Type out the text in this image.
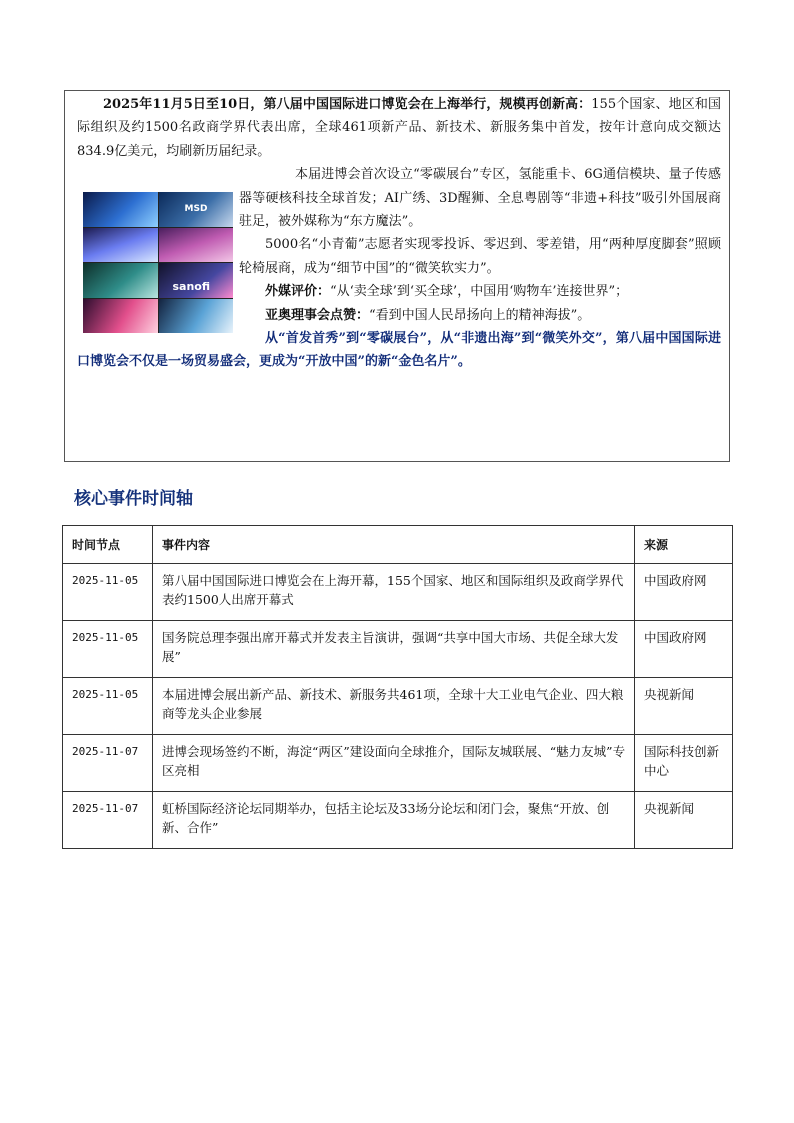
2025年11月5日至10日，第八届中国国际进口博览会在上海举行，规模再创新高：155个国家、地区和国际组织及约1500名政商学界代表出席，全球461项新产品、新技术、新服务集中首发，按年计意向成交额达834.9亿美元，均刷新历届纪录。

MSD
sanofi

本届进博会首次设立“零碳展台”专区，氢能重卡、6G通信模块、量子传感器等硬核科技全球首发；AI广绣、3D醒狮、全息粤剧等“非遗+科技”吸引外国展商驻足，被外媒称为“东方魔法”。

5000名“小青葡”志愿者实现零投诉、零迟到、零差错，用“两种厚度脚套”照顾轮椅展商，成为“细节中国”的“微笑软实力”。

外媒评价：“从‘卖全球’到‘买全球’，中国用‘购物车’连接世界”；

亚奥理事会点赞：“看到中国人民昂扬向上的精神海拔”。

从“首发首秀”到“零碳展台”，从“非遗出海”到“微笑外交”，第八届中国国际进口博览会不仅是一场贸易盛会，更成为“开放中国”的新“金色名片”。

核心事件时间轴
时间节点	事件内容	来源
2025-11-05	第八届中国国际进口博览会在上海开幕，155个国家、地区和国际组织及政商学界代表约1500人出席开幕式	中国政府网
2025-11-05	国务院总理李强出席开幕式并发表主旨演讲，强调“共享中国大市场、共促全球大发展”	中国政府网
2025-11-05	本届进博会展出新产品、新技术、新服务共461项，全球十大工业电气企业、四大粮商等龙头企业参展	央视新闻
2025-11-07	进博会现场签约不断，海淀“两区”建设面向全球推介，国际友城联展、“魅力友城”专区亮相	国际科技创新中心
2025-11-07	虹桥国际经济论坛同期举办，包括主论坛及33场分论坛和闭门会，聚焦“开放、创新、合作”	央视新闻
